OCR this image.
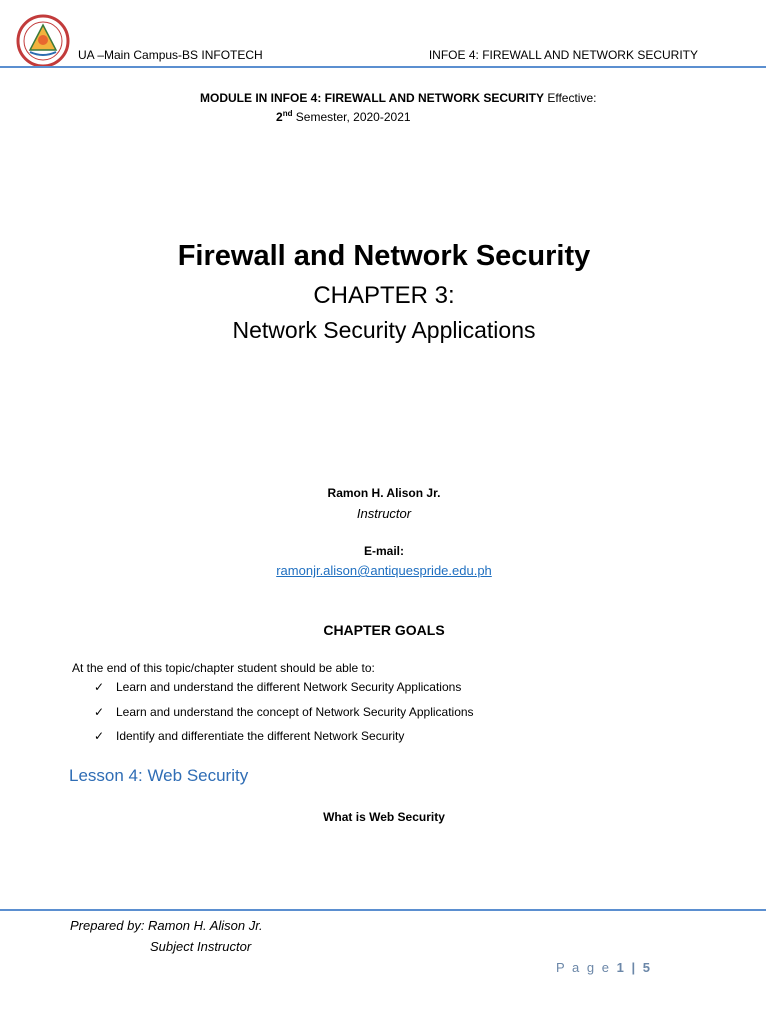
UA –Main Campus-BS INFOTECH	INFOE 4: FIREWALL AND NETWORK SECURITY
MODULE IN INFOE 4: FIREWALL AND NETWORK SECURITY Effective:
2nd Semester, 2020-2021
Firewall and Network Security
CHAPTER 3:
Network Security Applications
Ramon H. Alison Jr.
Instructor
E-mail:
ramonjr.alison@antiquespride.edu.ph
CHAPTER GOALS
At the end of this topic/chapter student should be able to:
✓ Learn and understand the different Network Security Applications
✓ Learn and understand the concept of Network Security Applications
✓ Identify and differentiate the different Network Security
Lesson 4: Web Security
What is Web Security
Prepared by: Ramon H. Alison Jr.
Subject Instructor
P a g e 1 | 5
